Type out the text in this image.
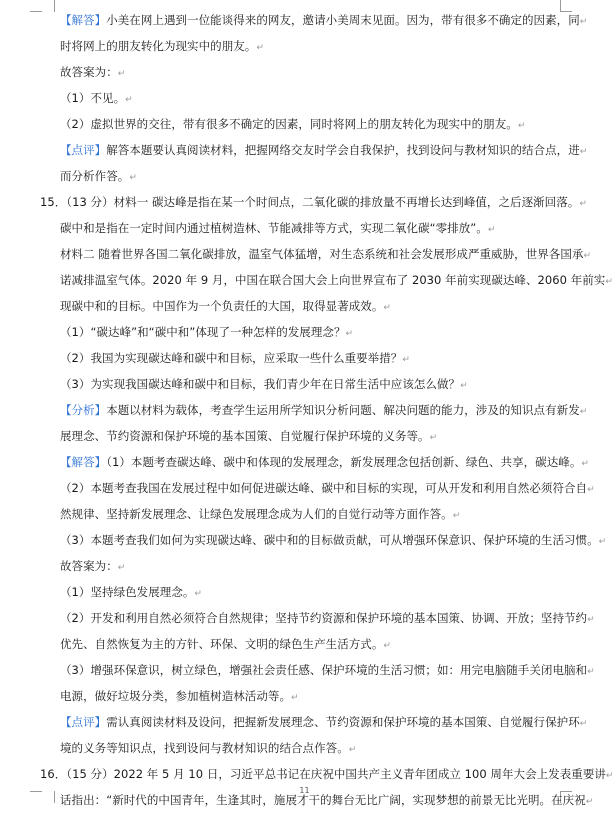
【解答】小美在网上遇到一位能谈得来的网友，邀请小美周末见面。因为，带有很多不确定的因素，同↵

时将网上的朋友转化为现实中的朋友。↵

故答案为：↵

（1）不见。↵

（2）虚拟世界的交往，带有很多不确定的因素，同时将网上的朋友转化为现实中的朋友。↵

【点评】解答本题要认真阅读材料，把握网络交友时学会自我保护，找到设问与教材知识的结合点，进↵

而分析作答。↵

15．（13 分）材料一 碳达峰是指在某一个时间点，二氧化碳的排放量不再增长达到峰值，之后逐渐回落。↵

碳中和是指在一定时间内通过植树造林、节能减排等方式，实现二氧化碳“零排放”。↵

材料二 随着世界各国二氧化碳排放，温室气体猛增，对生态系统和社会发展形成严重威胁，世界各国承↵

诺减排温室气体。2020 年 9 月，中国在联合国大会上向世界宣布了 2030 年前实现碳达峰、2060 年前实↵

现碳中和的目标。中国作为一个负责任的大国，取得显著成效。↵

（1）“碳达峰”和“碳中和”体现了一种怎样的发展理念？↵

（2）我国为实现碳达峰和碳中和目标，应采取一些什么重要举措？↵

（3）为实现我国碳达峰和碳中和目标，我们青少年在日常生活中应该怎么做？↵

【分析】本题以材料为载体，考查学生运用所学知识分析问题、解决问题的能力，涉及的知识点有新发↵

展理念、节约资源和保护环境的基本国策、自觉履行保护环境的义务等。↵

【解答】（1）本题考查碳达峰、碳中和体现的发展理念，新发展理念包括创新、绿色、共享，碳达峰。↵

（2）本题考查我国在发展过程中如何促进碳达峰、碳中和目标的实现，可从开发和利用自然必须符合自↵

然规律、坚持新发展理念、让绿色发展理念成为人们的自觉行动等方面作答。↵

（3）本题考查我们如何为实现碳达峰、碳中和的目标做贡献，可从增强环保意识、保护环境的生活习惯。↵

故答案为：↵

（1）坚持绿色发展理念。↵

（2）开发和利用自然必须符合自然规律；坚持节约资源和保护环境的基本国策、协调、开放；坚持节约↵

优先、自然恢复为主的方针、环保、文明的绿色生产生活方式。↵

（3）增强环保意识，树立绿色，增强社会责任感、保护环境的生活习惯；如：用完电脑随手关闭电脑和↵

电源，做好垃圾分类，参加植树造林活动等。↵

【点评】需认真阅读材料及设问，把握新发展理念、节约资源和保护环境的基本国策、自觉履行保护环↵

境的义务等知识点，找到设问与教材知识的结合点作答。↵

16．（15 分）2022 年 5 月 10 日，习近平总书记在庆祝中国共产主义青年团成立 100 周年大会上发表重要讲↵

话指出：“新时代的中国青年，生逢其时，施展才干的舞台无比广阔，实现梦想的前景无比光明。在庆祝↵

11
